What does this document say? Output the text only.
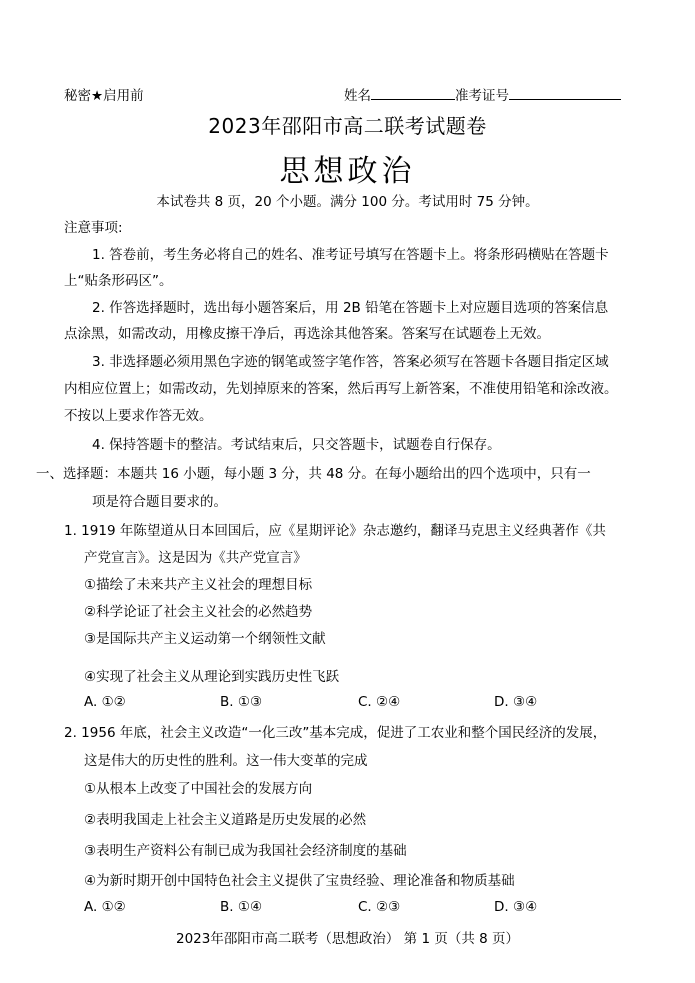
秘密★启用前	姓名	准考证号
2023年邵阳市高二联考试题卷
思想政治
本试卷共 8 页，20 个小题。满分 100 分。考试用时 75 分钟。
注意事项:
1. 答卷前，考生务必将自己的姓名、准考证号填写在答题卡上。将条形码横贴在答题卡
上“贴条形码区”。
2. 作答选择题时，选出每小题答案后，用 2B 铅笔在答题卡上对应题目选项的答案信息
点涂黑，如需改动，用橡皮擦干净后，再选涂其他答案。答案写在试题卷上无效。
3. 非选择题必须用黑色字迹的钢笔或签字笔作答，答案必须写在答题卡各题目指定区域
内相应位置上；如需改动，先划掉原来的答案，然后再写上新答案，不准使用铅笔和涂改液。
不按以上要求作答无效。
4. 保持答题卡的整洁。考试结束后，只交答题卡，试题卷自行保存。
一、选择题：本题共 16 小题，每小题 3 分，共 48 分。在每小题给出的四个选项中，只有一
项是符合题目要求的。
1. 1919 年陈望道从日本回国后，应《星期评论》杂志邀约，翻译马克思主义经典著作《共
产党宣言》。这是因为《共产党宣言》
①描绘了未来共产主义社会的理想目标
②科学论证了社会主义社会的必然趋势
③是国际共产主义运动第一个纲领性文献
④实现了社会主义从理论到实践历史性飞跃
A. ①②	B. ①③	C. ②④	D. ③④
2. 1956 年底，社会主义改造“一化三改”基本完成，促进了工农业和整个国民经济的发展，
这是伟大的历史性的胜利。这一伟大变革的完成
①从根本上改变了中国社会的发展方向
②表明我国走上社会主义道路是历史发展的必然
③表明生产资料公有制已成为我国社会经济制度的基础
④为新时期开创中国特色社会主义提供了宝贵经验、理论准备和物质基础
A. ①②	B. ①④	C. ②③	D. ③④
2023年邵阳市高二联考（思想政治） 第 1 页（共 8 页）
